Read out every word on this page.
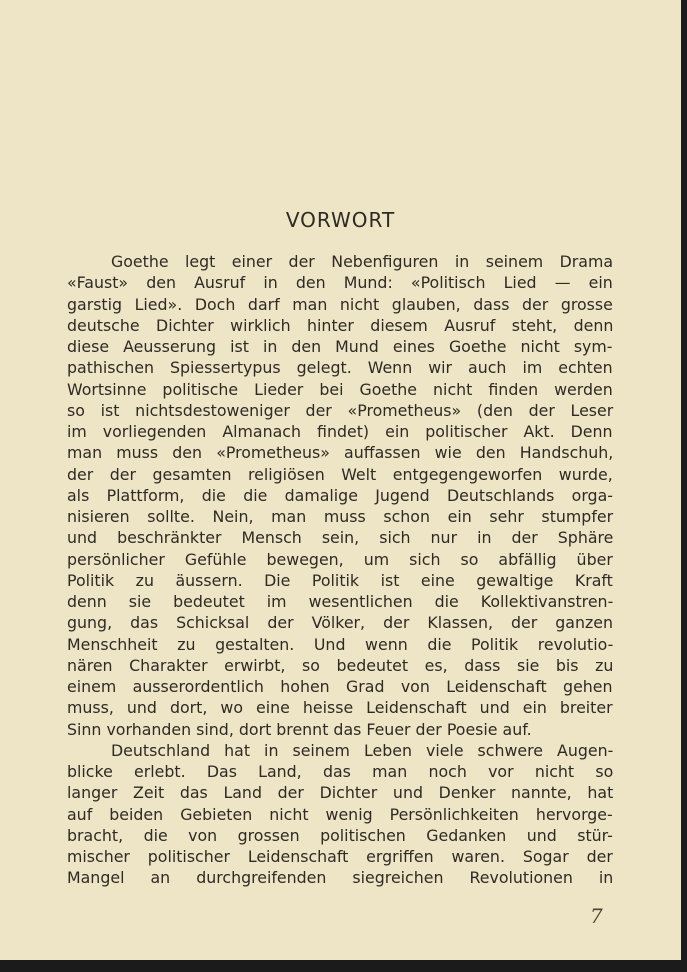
VORWORT
Goethe legt einer der Nebenfiguren in seinem Drama
«Faust» den Ausruf in den Mund: «Politisch Lied — ein
garstig Lied». Doch darf man nicht glauben, dass der grosse
deutsche Dichter wirklich hinter diesem Ausruf steht, denn
diese Aeusserung ist in den Mund eines Goethe nicht sym-
pathischen Spiessertypus gelegt. Wenn wir auch im echten
Wortsinne politische Lieder bei Goethe nicht finden werden
so ist nichtsdestoweniger der «Prometheus» (den der Leser
im vorliegenden Almanach findet) ein politischer Akt. Denn
man muss den «Prometheus» auffassen wie den Handschuh,
der der gesamten religiösen Welt entgegengeworfen wurde,
als Plattform, die die damalige Jugend Deutschlands orga-
nisieren sollte. Nein, man muss schon ein sehr stumpfer
und beschränkter Mensch sein, sich nur in der Sphäre
persönlicher Gefühle bewegen, um sich so abfällig über
Politik zu äussern. Die Politik ist eine gewaltige Kraft
denn sie bedeutet im wesentlichen die Kollektivanstren-
gung, das Schicksal der Völker, der Klassen, der ganzen
Menschheit zu gestalten. Und wenn die Politik revolutio-
nären Charakter erwirbt, so bedeutet es, dass sie bis zu
einem ausserordentlich hohen Grad von Leidenschaft gehen
muss, und dort, wo eine heisse Leidenschaft und ein breiter
Sinn vorhanden sind, dort brennt das Feuer der Poesie auf.
Deutschland hat in seinem Leben viele schwere Augen-
blicke erlebt. Das Land, das man noch vor nicht so
langer Zeit das Land der Dichter und Denker nannte, hat
auf beiden Gebieten nicht wenig Persönlichkeiten hervorge-
bracht, die von grossen politischen Gedanken und stür-
mischer politischer Leidenschaft ergriffen waren. Sogar der
Mangel an durchgreifenden siegreichen Revolutionen in
7
